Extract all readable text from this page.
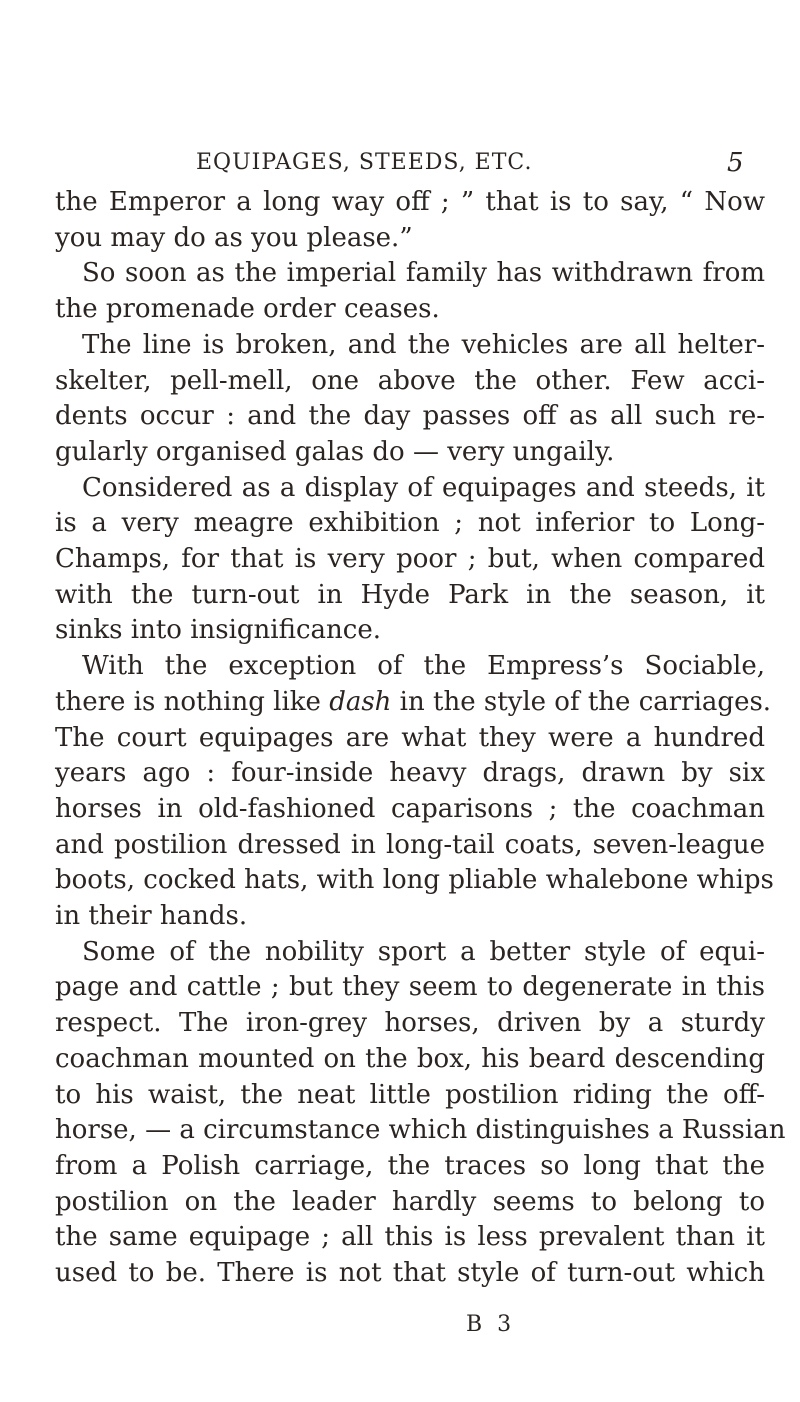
EQUIPAGES, STEEDS, ETC.	5
the Emperor a long way off ; ” that is to say, “ Now
you may do as you please.”
So soon as the imperial family has withdrawn from
the promenade order ceases.
The line is broken, and the vehicles are all helter-
skelter, pell-mell, one above the other. Few acci-
dents occur : and the day passes off as all such re-
gularly organised galas do — very ungaily.
Considered as a display of equipages and steeds, it
is a very meagre exhibition ; not inferior to Long-
Champs, for that is very poor ; but, when compared
with the turn-out in Hyde Park in the season, it
sinks into insignificance.
With the exception of the Empress’s Sociable,
there is nothing like dash in the style of the carriages.
The court equipages are what they were a hundred
years ago : four-inside heavy drags, drawn by six
horses in old-fashioned caparisons ; the coachman
and postilion dressed in long-tail coats, seven-league
boots, cocked hats, with long pliable whalebone whips
in their hands.
Some of the nobility sport a better style of equi-
page and cattle ; but they seem to degenerate in this
respect. The iron-grey horses, driven by a sturdy
coachman mounted on the box, his beard descending
to his waist, the neat little postilion riding the off-
horse, — a circumstance which distinguishes a Russian
from a Polish carriage, the traces so long that the
postilion on the leader hardly seems to belong to
the same equipage ; all this is less prevalent than it
used to be. There is not that style of turn-out which
B 3
